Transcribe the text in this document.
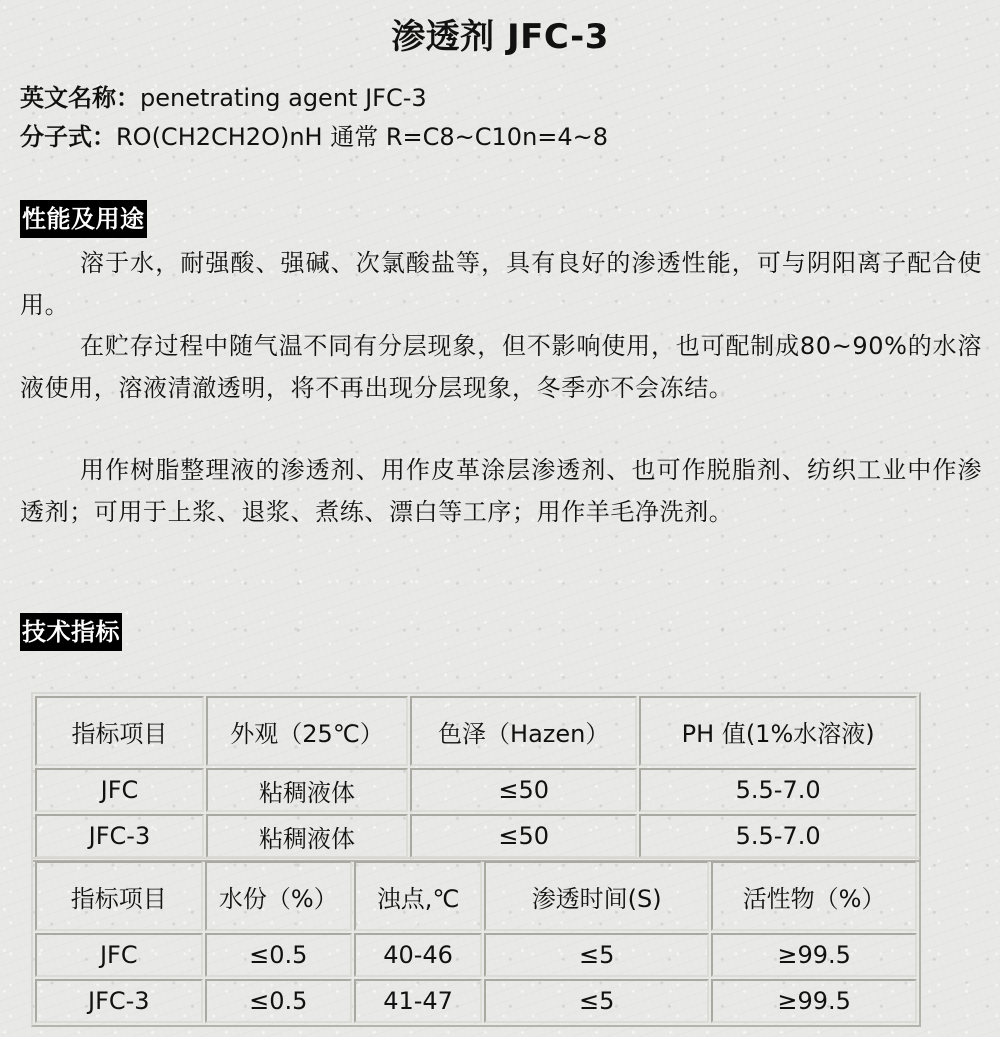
渗透剂 JFC-3
英文名称：penetrating agent JFC-3
分子式：RO(CH2CH2O)nH 通常 R=C8~C10n=4~8
性能及用途

溶于水，耐强酸、强碱、次氯酸盐等，具有良好的渗透性能，可与阴阳离子配合使用。

在贮存过程中随气温不同有分层现象，但不影响使用，也可配制成80~90%的水溶液使用，溶液清澈透明，将不再出现分层现象，冬季亦不会冻结。

用作树脂整理液的渗透剂、用作皮革涂层渗透剂、也可作脱脂剂、纺织工业中作渗透剂；可用于上浆、退浆、煮练、漂白等工序；用作羊毛净洗剂。

技术指标
指标项目	外观（25℃）	色泽（Hazen）	PH 值(1%水溶液)
JFC	粘稠液体	≤50	5.5-7.0
JFC-3	粘稠液体	≤50	5.5-7.0
指标项目	水份（%）	浊点,℃	渗透时间(S)	活性物（%）
JFC	≤0.5	40-46	≤5	≥99.5
JFC-3	≤0.5	41-47	≤5	≥99.5
